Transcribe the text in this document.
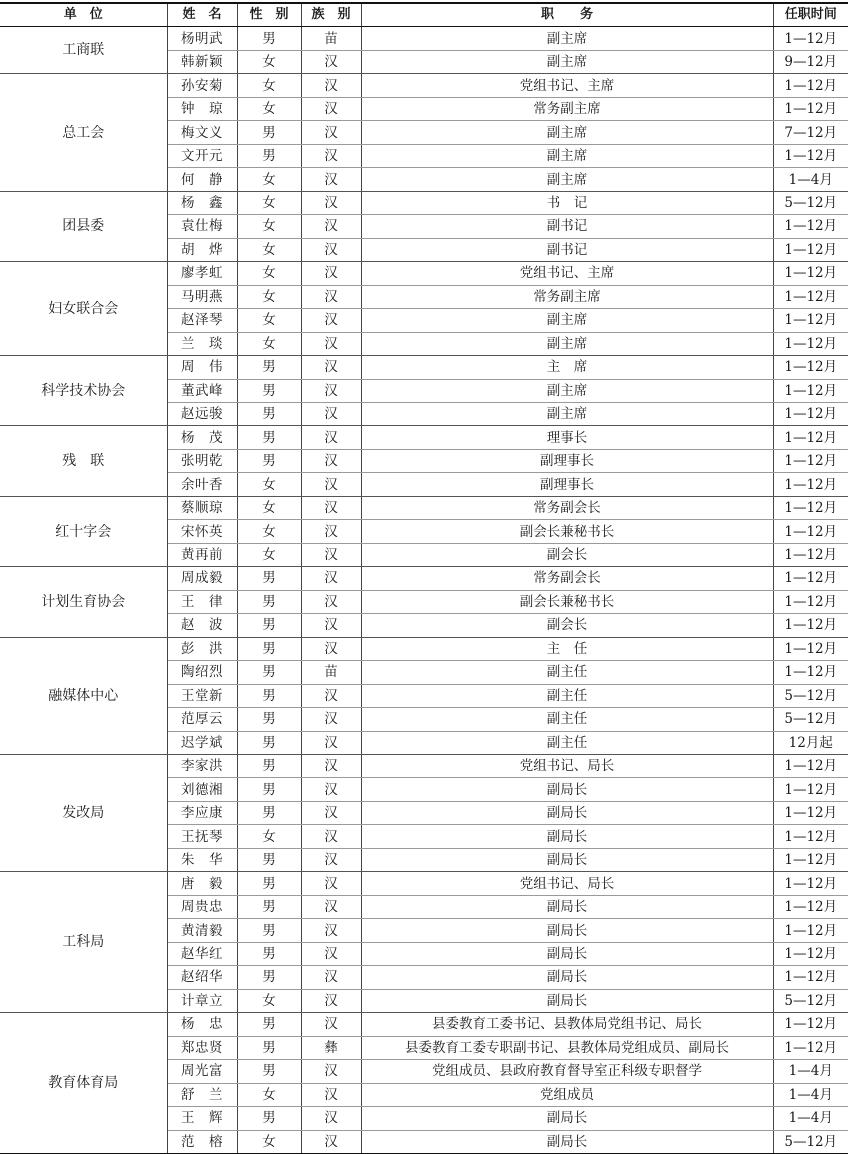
单　位	姓　名	性　别	族　别	职　　务	任职时间
工商联	杨明武	男	苗	副主席	1—12月
	韩新颖	女	汉	副主席	9—12月
总工会	孙安菊	女	汉	党组书记、主席	1—12月
	钟　琼	女	汉	常务副主席	1—12月
	梅文义	男	汉	副主席	7—12月
	文开元	男	汉	副主席	1—12月
	何　静	女	汉	副主席	1—4月
团县委	杨　鑫	女	汉	书　记	5—12月
	袁仕梅	女	汉	副书记	1—12月
	胡　烨	女	汉	副书记	1—12月
妇女联合会	廖孝虹	女	汉	党组书记、主席	1—12月
	马明燕	女	汉	常务副主席	1—12月
	赵泽琴	女	汉	副主席	1—12月
	兰　琰	女	汉	副主席	1—12月
科学技术协会	周　伟	男	汉	主　席	1—12月
	董武峰	男	汉	副主席	1—12月
	赵远骏	男	汉	副主席	1—12月
残　联	杨　茂	男	汉	理事长	1—12月
	张明乾	男	汉	副理事长	1—12月
	余叶香	女	汉	副理事长	1—12月
红十字会	蔡顺琼	女	汉	常务副会长	1—12月
	宋怀英	女	汉	副会长兼秘书长	1—12月
	黄再前	女	汉	副会长	1—12月
计划生育协会	周成毅	男	汉	常务副会长	1—12月
	王　律	男	汉	副会长兼秘书长	1—12月
	赵　波	男	汉	副会长	1—12月
融媒体中心	彭　洪	男	汉	主　任	1—12月
	陶绍烈	男	苗	副主任	1—12月
	王堂新	男	汉	副主任	5—12月
	范厚云	男	汉	副主任	5—12月
	迟学斌	男	汉	副主任	12月起
发改局	李家洪	男	汉	党组书记、局长	1—12月
	刘德湘	男	汉	副局长	1—12月
	李应康	男	汉	副局长	1—12月
	王抚琴	女	汉	副局长	1—12月
	朱　华	男	汉	副局长	1—12月
工科局	唐　毅	男	汉	党组书记、局长	1—12月
	周贵忠	男	汉	副局长	1—12月
	黄清毅	男	汉	副局长	1—12月
	赵华红	男	汉	副局长	1—12月
	赵绍华	男	汉	副局长	1—12月
	计章立	女	汉	副局长	5—12月
教育体育局	杨　忠	男	汉	县委教育工委书记、县教体局党组书记、局长	1—12月
	郑忠贤	男	彝	县委教育工委专职副书记、县教体局党组成员、副局长	1—12月
	周光富	男	汉	党组成员、县政府教育督导室正科级专职督学	1—4月
	舒　兰	女	汉	党组成员	1—4月
	王　辉	男	汉	副局长	1—4月
	范　榕	女	汉	副局长	5—12月
